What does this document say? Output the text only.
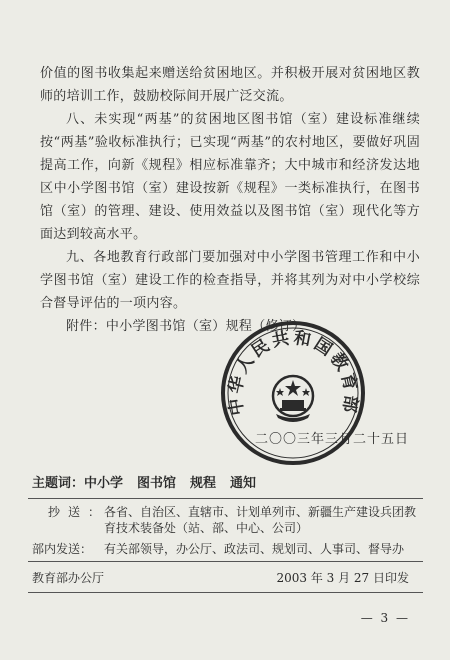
价值的图书收集起来赠送给贫困地区。并积极开展对贫困地区教师的培训工作，鼓励校际间开展广泛交流。

八、未实现“两基”的贫困地区图书馆（室）建设标准继续按“两基”验收标准执行；已实现“两基”的农村地区，要做好巩固提高工作，向新《规程》相应标准靠齐；大中城市和经济发达地区中小学图书馆（室）建设按新《规程》一类标准执行，在图书馆（室）的管理、建设、使用效益以及图书馆（室）现代化等方面达到较高水平。

九、各地教育行政部门要加强对中小学图书管理工作和中小学图书馆（室）建设工作的检查指导，并将其列为对中小学校综合督导评估的一项内容。

附件：中小学图书馆（室）规程（修订）

中华人民共和国教育部
二〇〇三年三月二十五日
主题词：中小学 图书馆 规程 通知
抄送：
各省、自治区、直辖市、计划单列市、新疆生产建设兵团教育技术装备处（站、部、中心、公司）
部内发送： 有关部领导，办公厅、政法司、规划司、人事司、督导办
教育部办公厅	2003 年 3 月 27 日印发
— 3 —
